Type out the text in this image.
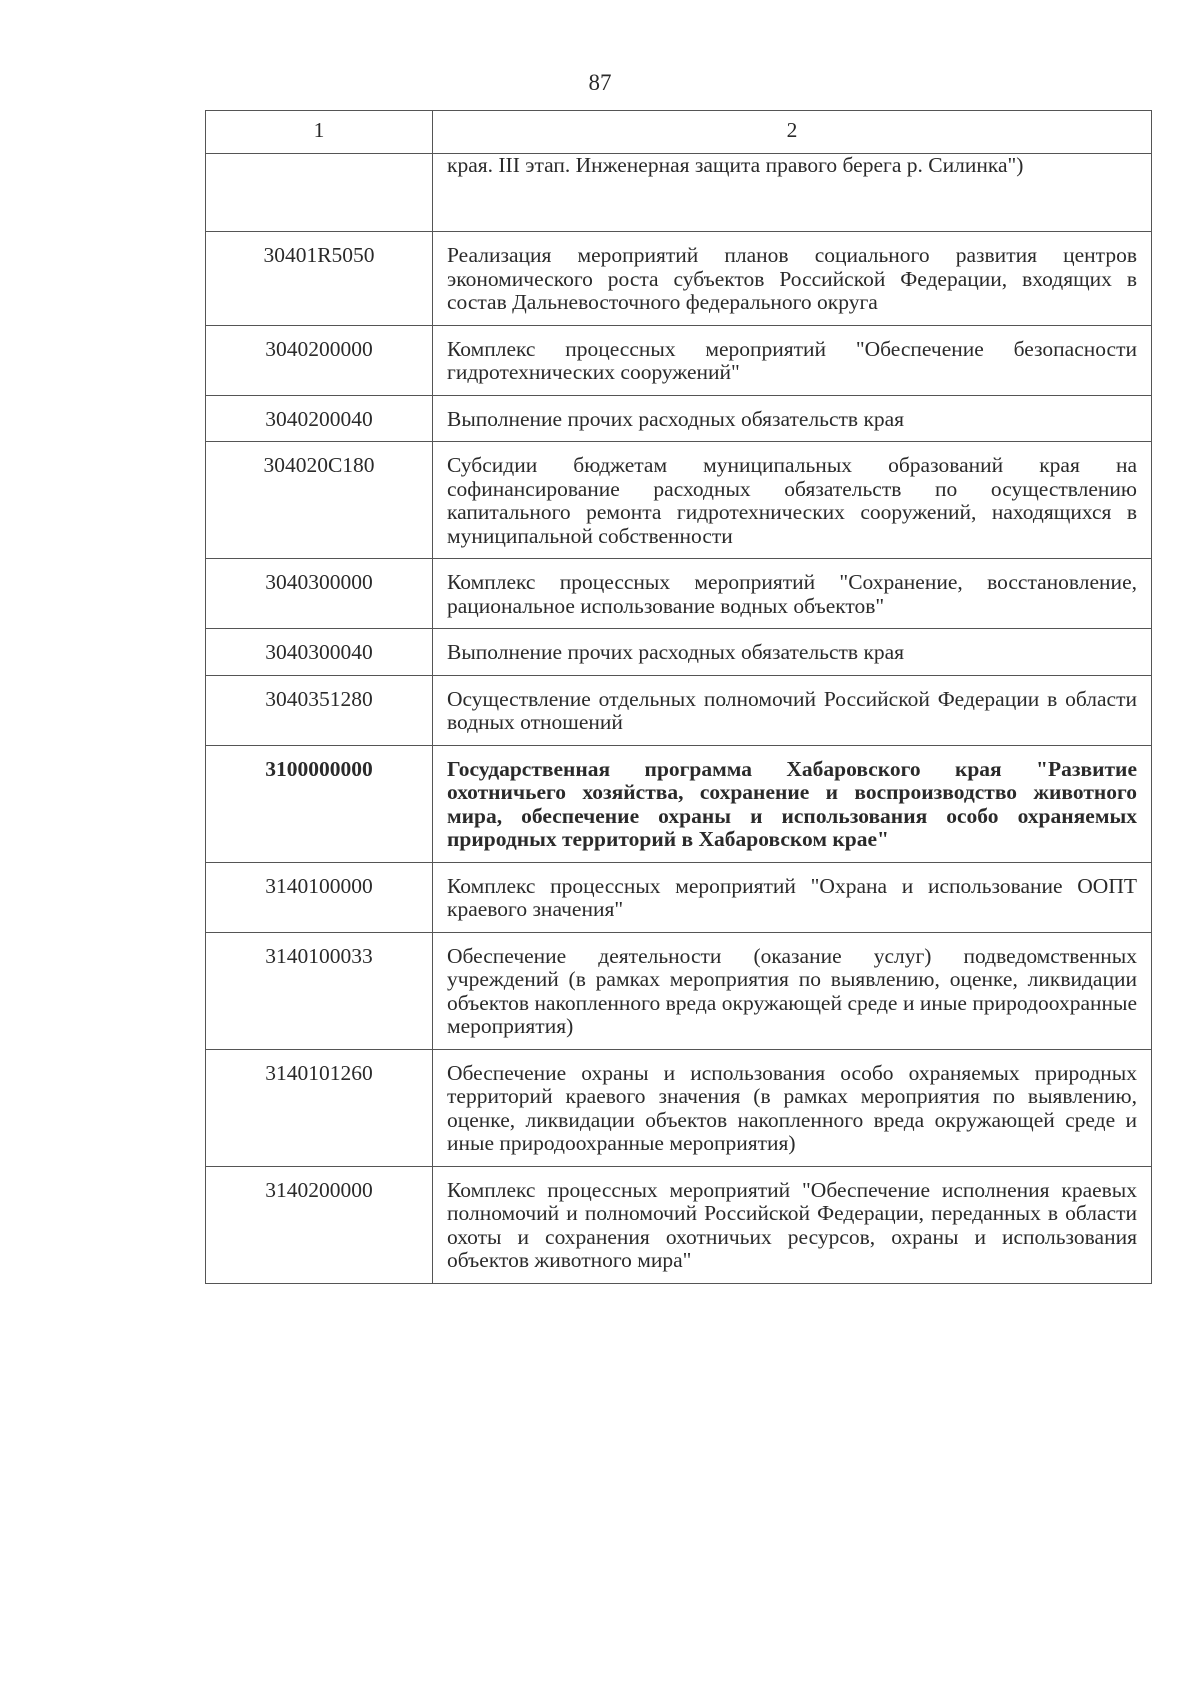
87
1	2
	края. III этап. Инженерная защита правого берега р. Силинка")
30401R5050	Реализация мероприятий планов социального развития центров экономического роста субъектов Российской Федерации, входящих в состав Дальневосточного федерального округа
3040200000	Комплекс процессных мероприятий "Обеспечение безопасности гидротехнических сооружений"
3040200040	Выполнение прочих расходных обязательств края
304020С180	Субсидии бюджетам муниципальных образований края на софинансирование расходных обязательств по осуществлению капитального ремонта гидротехнических сооружений, находящихся в муниципальной собственности
3040300000	Комплекс процессных мероприятий "Сохранение, восстановление, рациональное использование водных объектов"
3040300040	Выполнение прочих расходных обязательств края
3040351280	Осуществление отдельных полномочий Российской Федерации в области водных отношений
3100000000	Государственная программа Хабаровского края "Развитие охотничьего хозяйства, сохранение и воспроизводство животного мира, обеспечение охраны и использования особо охраняемых природных территорий в Хабаровском крае"
3140100000	Комплекс процессных мероприятий "Охрана и использование ООПТ краевого значения"
3140100033	Обеспечение деятельности (оказание услуг) подведомственных учреждений (в рамках мероприятия по выявлению, оценке, ликвидации объектов накопленного вреда окружающей среде и иные природоохранные мероприятия)
3140101260	Обеспечение охраны и использования особо охраняемых природных территорий краевого значения (в рамках мероприятия по выявлению, оценке, ликвидации объектов накопленного вреда окружающей среде и иные природоохранные мероприятия)
3140200000	Комплекс процессных мероприятий "Обеспечение исполнения краевых полномочий и полномочий Российской Федерации, переданных в области охоты и сохранения охотничьих ресурсов, охраны и использования объектов животного мира"
